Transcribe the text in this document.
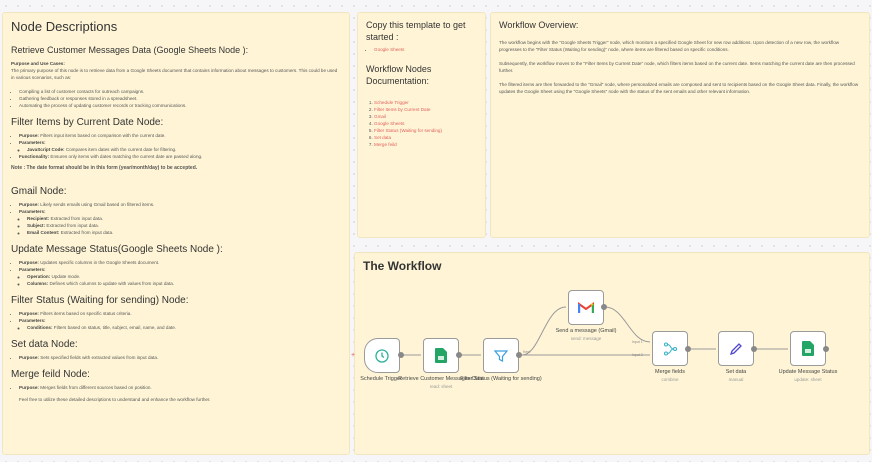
Node Descriptions
Retrieve Customer Messages Data (Google Sheets Node ):

Purpose and Use Cases:
The primary purpose of this node is to retrieve data from a Google Sheets document that contains information about messages to customers. This could be used in various scenarios, such as:

• Compiling a list of customer contacts for outreach campaigns.
• Gathering feedback or responses stored in a spreadsheet.
• Automating the process of updating customer records or tracking communications.
Filter Items by Current Date Node:
• Purpose: Filters input items based on comparison with the current date.
• Parameters:
◦ JavaScript Code: Compares item dates with the current date for filtering.
• Functionality: Ensures only items with dates matching the current date are passed along.

Note : The date format should be in this form (year/month/day) to be accepted.

Gmail Node:
• Purpose: Likely sends emails using Gmail based on filtered items.
• Parameters:
◦ Recipient: Extracted from input data.
◦ Subject: Extracted from input data.
◦ Email Content: Extracted from input data.
Update Message Status(Google Sheets Node ):
• Purpose: Updates specific columns in the Google Sheets document.
• Parameters:
◦ Operation: Update mode.
◦ Columns: Defines which columns to update with values from input data.
Filter Status (Waiting for sending) Node:
• Purpose: Filters items based on specific status criteria.
• Parameters:
◦ Conditions: Filters based on status, title, subject, email, name, and date.
Set data Node:
• Purpose: Sets specified fields with extracted values from input data.
Merge feild Node:
• Purpose: Merges fields from different sources based on position.

Feel free to utilize these detailed descriptions to understand and enhance the workflow further.

Copy this template to get started :
• Google Sheets
Workflow Nodes Documentation:
1. Schedule Trigger
2. Filter Items by Current Date
3. Gmail
4. Google Sheets
5. Filter Status (Waiting for sending)
6. Set data
7. Merge feild
Workflow Overview:

The workflow begins with the "Google Sheets Trigger" node, which monitors a specified Google Sheet for new row additions. Upon detection of a new row, the workflow progresses to the "Filter Status (Waiting for sending)" node, where items are filtered based on specific conditions.

Subsequently, the workflow moves to the "Filter Items by Current Date" node, which filters items based on the current date. Items matching the current date are then processed further.

The filtered items are then forwarded to the "Gmail" node, where personalized emails are composed and sent to recipients based on the Google Sheet data. Finally, the workflow updates the Google Sheet using the "Google Sheets" node with the status of the sent emails and other relevant information.

The Workflow
+
Schedule Trigger
Retrieve Customer Messages Data
read: sheet
Kept
Filter Status (Waiting for sending)
Send a message (Gmail)
send: message
Input 1
Input 2
Merge fields
combine
Set data
manual
Update Message Status
update: sheet
